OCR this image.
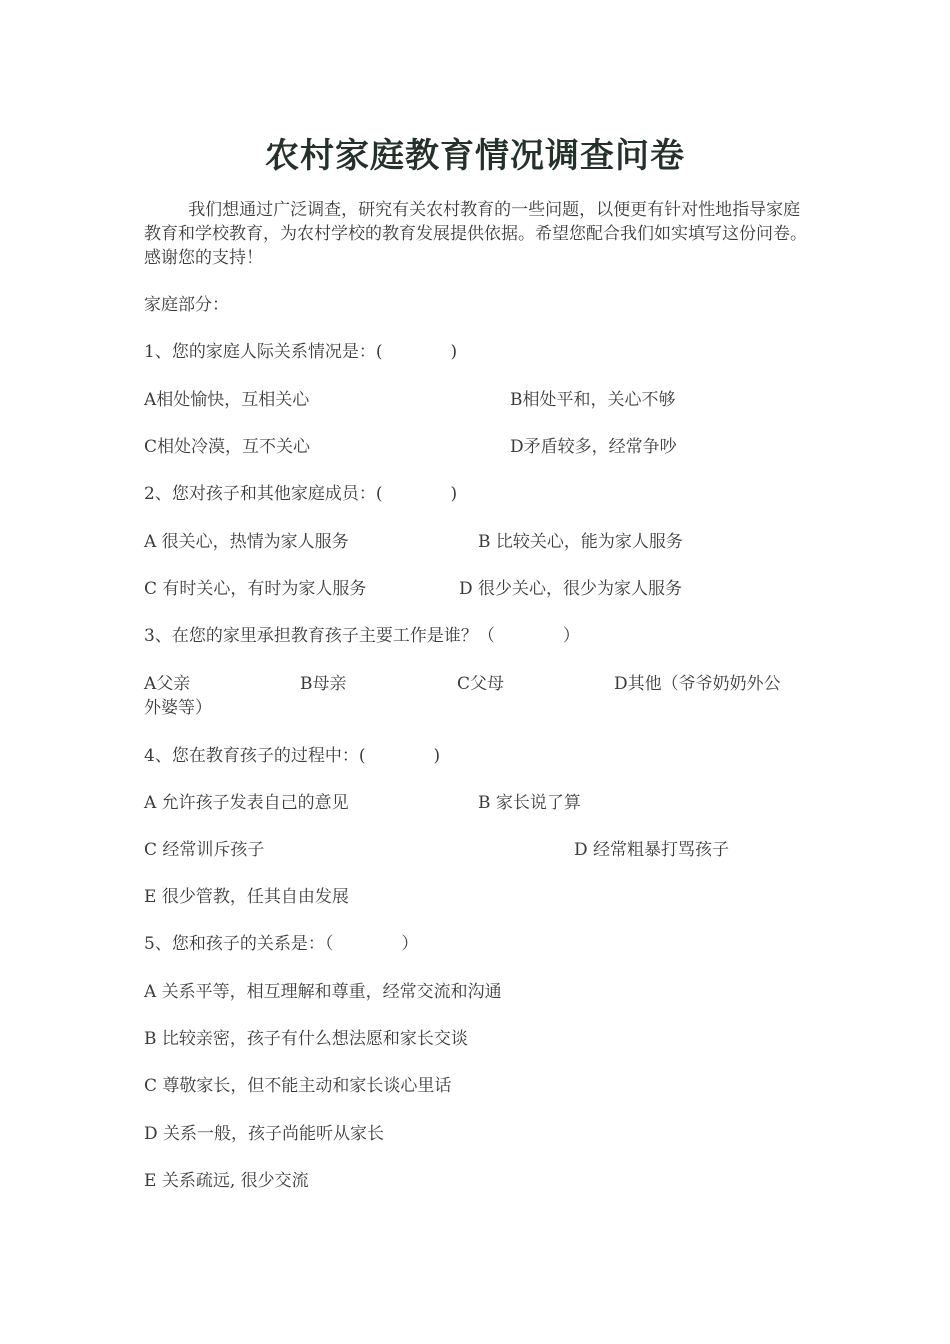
农村家庭教育情况调查问卷
我们想通过广泛调查，研究有关农村教育的一些问题，以便更有针对性地指导家庭教育和学校教育，为农村学校的教育发展提供依据。希望您配合我们如实填写这份问卷。感谢您的支持！
家庭部分：
1、您的家庭人际关系情况是：(　　　　)
A相处愉快，互相关心	B相处平和，关心不够
C相处冷漠，互不关心	D矛盾较多，经常争吵
2、您对孩子和其他家庭成员：(　　　　)
A 很关心，热情为家人服务	B 比较关心，能为家人服务
C 有时关心，有时为家人服务	D 很少关心，很少为家人服务
3、在您的家里承担教育孩子主要工作是谁？（　　　　）
A父亲	B母亲	C父母	D其他（爷爷奶奶外公
外婆等）
4、您在教育孩子的过程中：(　　　　)
A 允许孩子发表自己的意见	B 家长说了算
C 经常训斥孩子	D 经常粗暴打骂孩子
E 很少管教，任其自由发展
5、您和孩子的关系是：（　　　　）
A 关系平等，相互理解和尊重，经常交流和沟通
B 比较亲密，孩子有什么想法愿和家长交谈
C 尊敬家长，但不能主动和家长谈心里话
D 关系一般，孩子尚能听从家长
E 关系疏远, 很少交流
